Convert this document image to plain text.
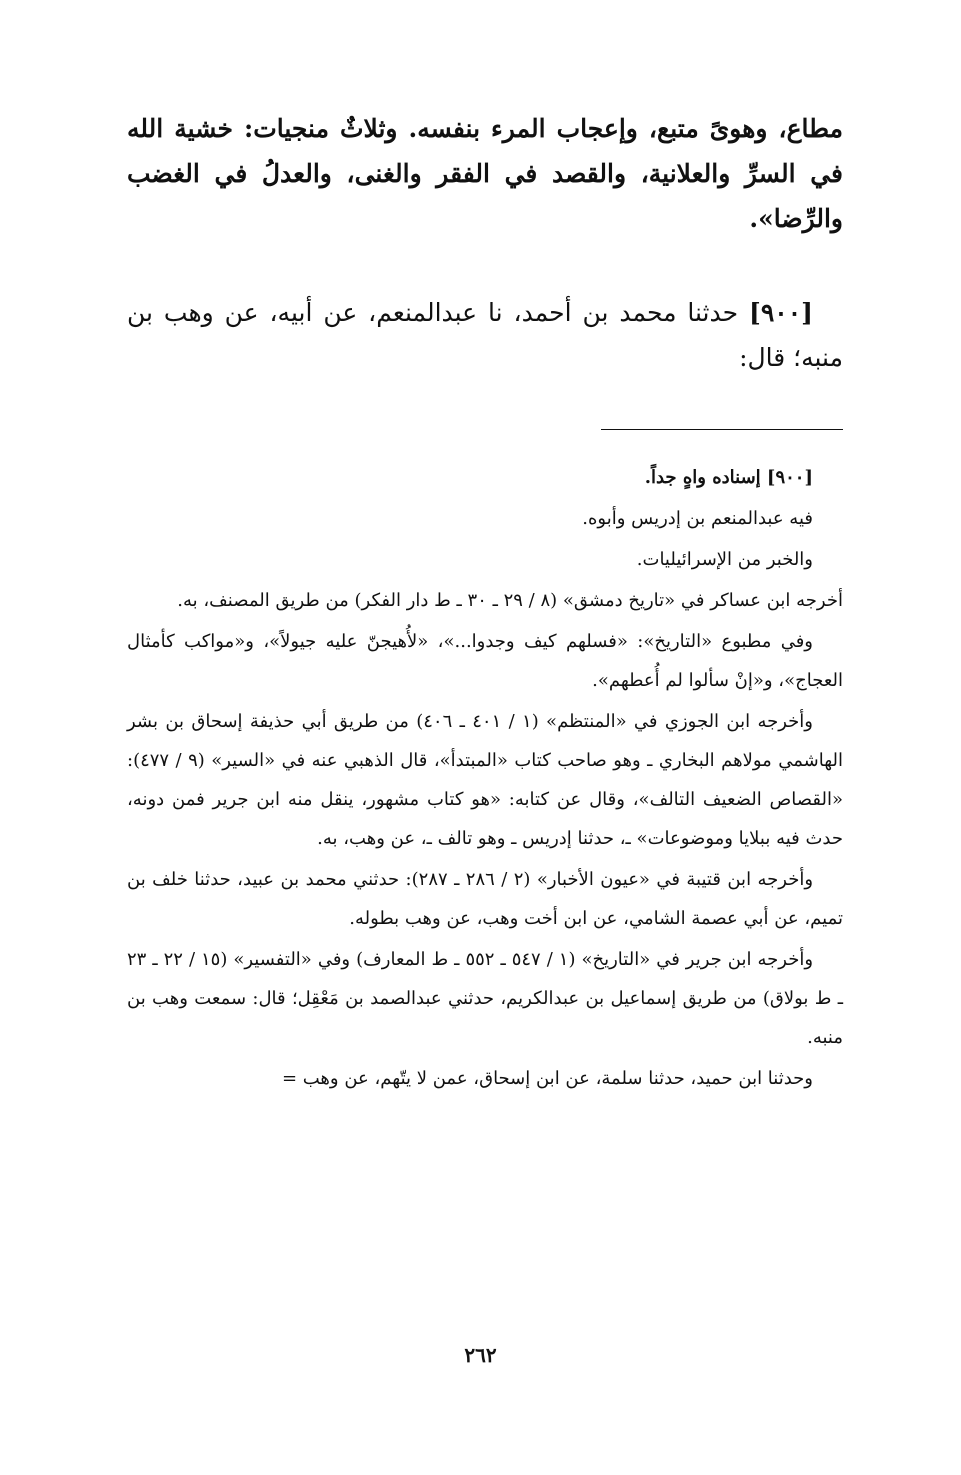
مطاع، وهوىً متبع، وإعجاب المرء بنفسه. وثلاثٌ منجيات: خشية الله في السرِّ والعلانية، والقصد في الفقر والغنى، والعدلُ في الغضب والرِّضا».

[٩٠٠] حدثنا محمد بن أحمد، نا عبدالمنعم، عن أبيه، عن وهب بن منبه؛ قال:

[٩٠٠] إسناده واهٍ جداً.

فيه عبدالمنعم بن إدريس وأبوه.

والخبر من الإسرائيليات.

أخرجه ابن عساكر في «تاريخ دمشق» (٨ / ٢٩ ـ ٣٠ ـ ط دار الفكر) من طريق المصنف، به.

وفي مطبوع «التاريخ»: «فسلهم كيف وجدوا...»، «لأُهيجنّ عليه جيولاً»، و«مواكب كأمثال العجاج»، و«إنْ سألوا لم أُعطهم».

وأخرجه ابن الجوزي في «المنتظم» (١ / ٤٠١ ـ ٤٠٦) من طريق أبي حذيفة إسحاق بن بشر الهاشمي مولاهم البخاري ـ وهو صاحب كتاب «المبتدأ»، قال الذهبي عنه في «السير» (٩ / ٤٧٧): «القصاص الضعيف التالف»، وقال عن كتابه: «هو كتاب مشهور، ينقل منه ابن جرير فمن دونه، حدث فيه ببلايا وموضوعات» ـ، حدثنا إدريس ـ وهو تالف ـ، عن وهب، به.

وأخرجه ابن قتيبة في «عيون الأخبار» (٢ / ٢٨٦ ـ ٢٨٧): حدثني محمد بن عبيد، حدثنا خلف بن تميم، عن أبي عصمة الشامي، عن ابن أخت وهب، عن وهب بطوله.

وأخرجه ابن جرير في «التاريخ» (١ / ٥٤٧ ـ ٥٥٢ ـ ط المعارف) وفي «التفسير» (١٥ / ٢٢ ـ ٢٣ ـ ط بولاق) من طريق إسماعيل بن عبدالكريم، حدثني عبدالصمد بن مَعْقِل؛ قال: سمعت وهب بن منبه.

وحدثنا ابن حميد، حدثنا سلمة، عن ابن إسحاق، عمن لا يتّهم، عن وهب =

٢٦٢
